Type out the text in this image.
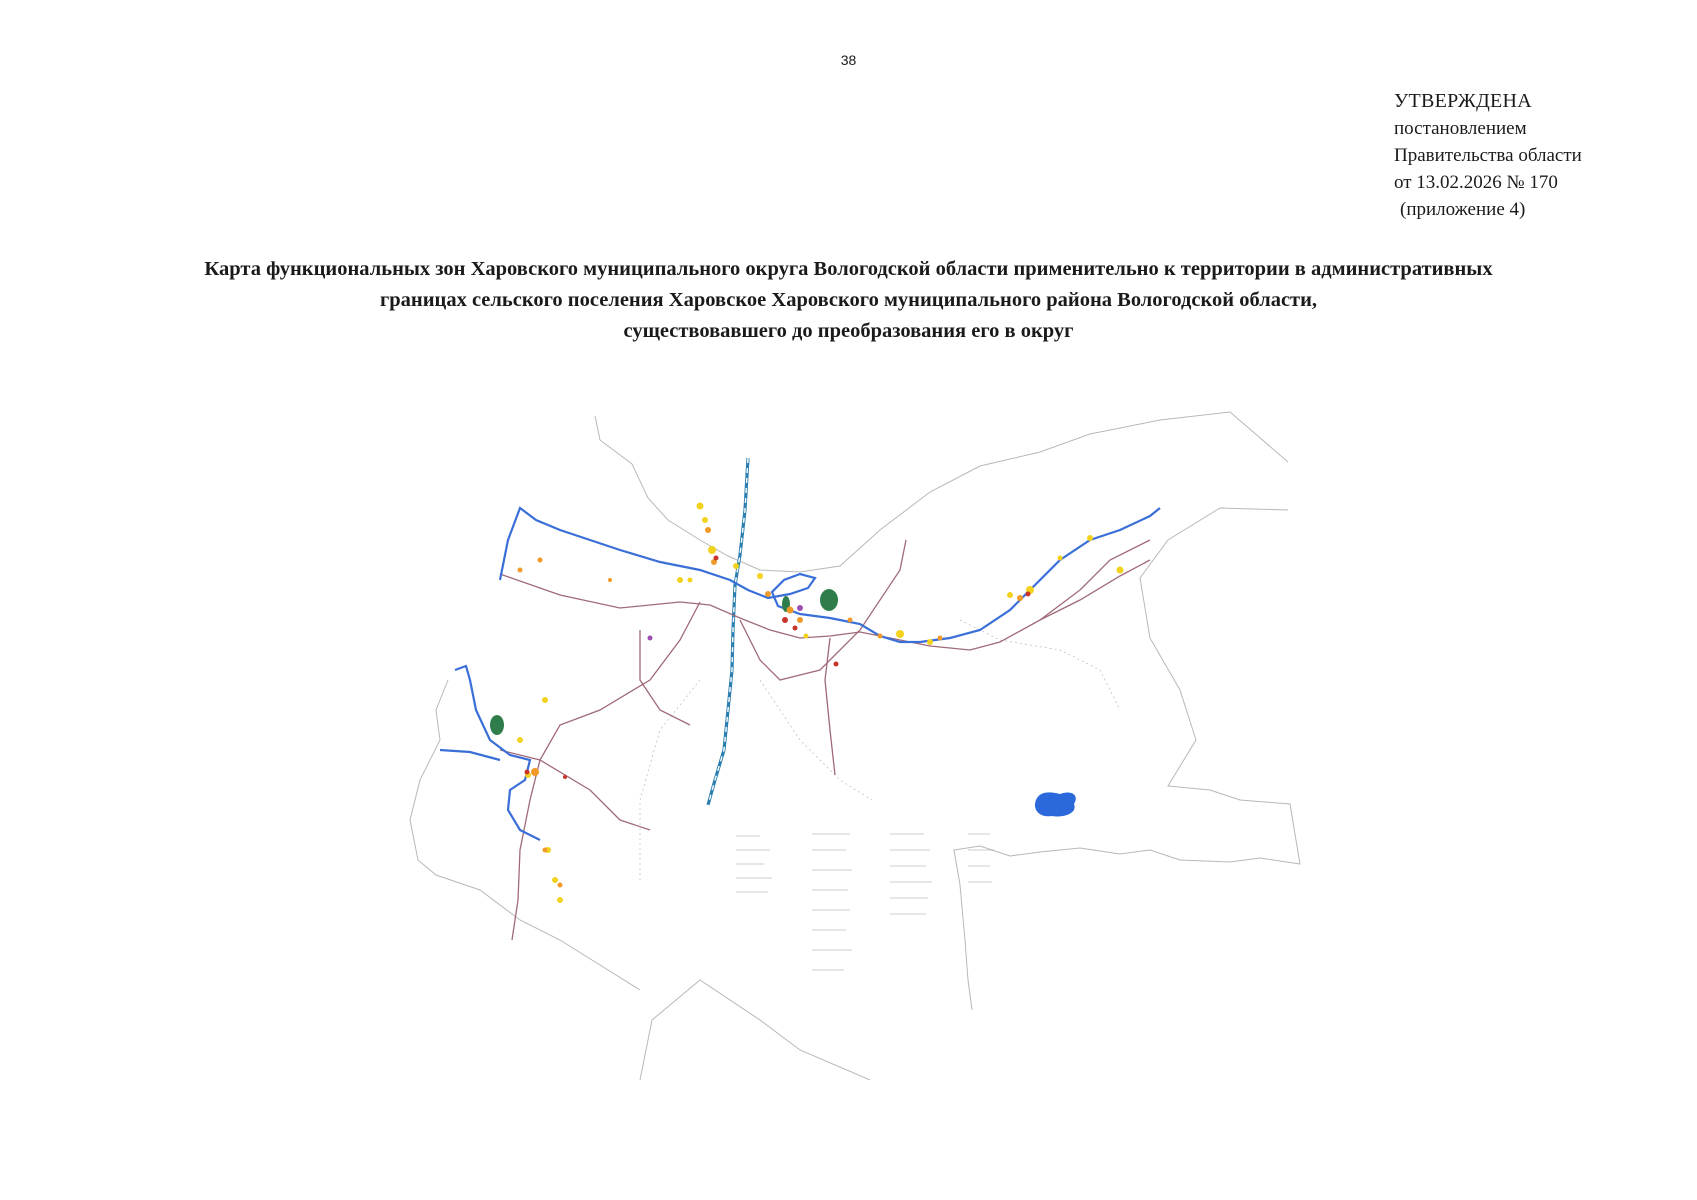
38
УТВЕРЖДЕНА
постановлением
Правительства области
от 13.02.2026 № 170
(приложение 4)
Карта функциональных зон Харовского муниципального округа Вологодской области применительно к территории в административных
границах сельского поселения Харовское Харовского муниципального района Вологодской области,
существовавшего до преобразования его в округ
